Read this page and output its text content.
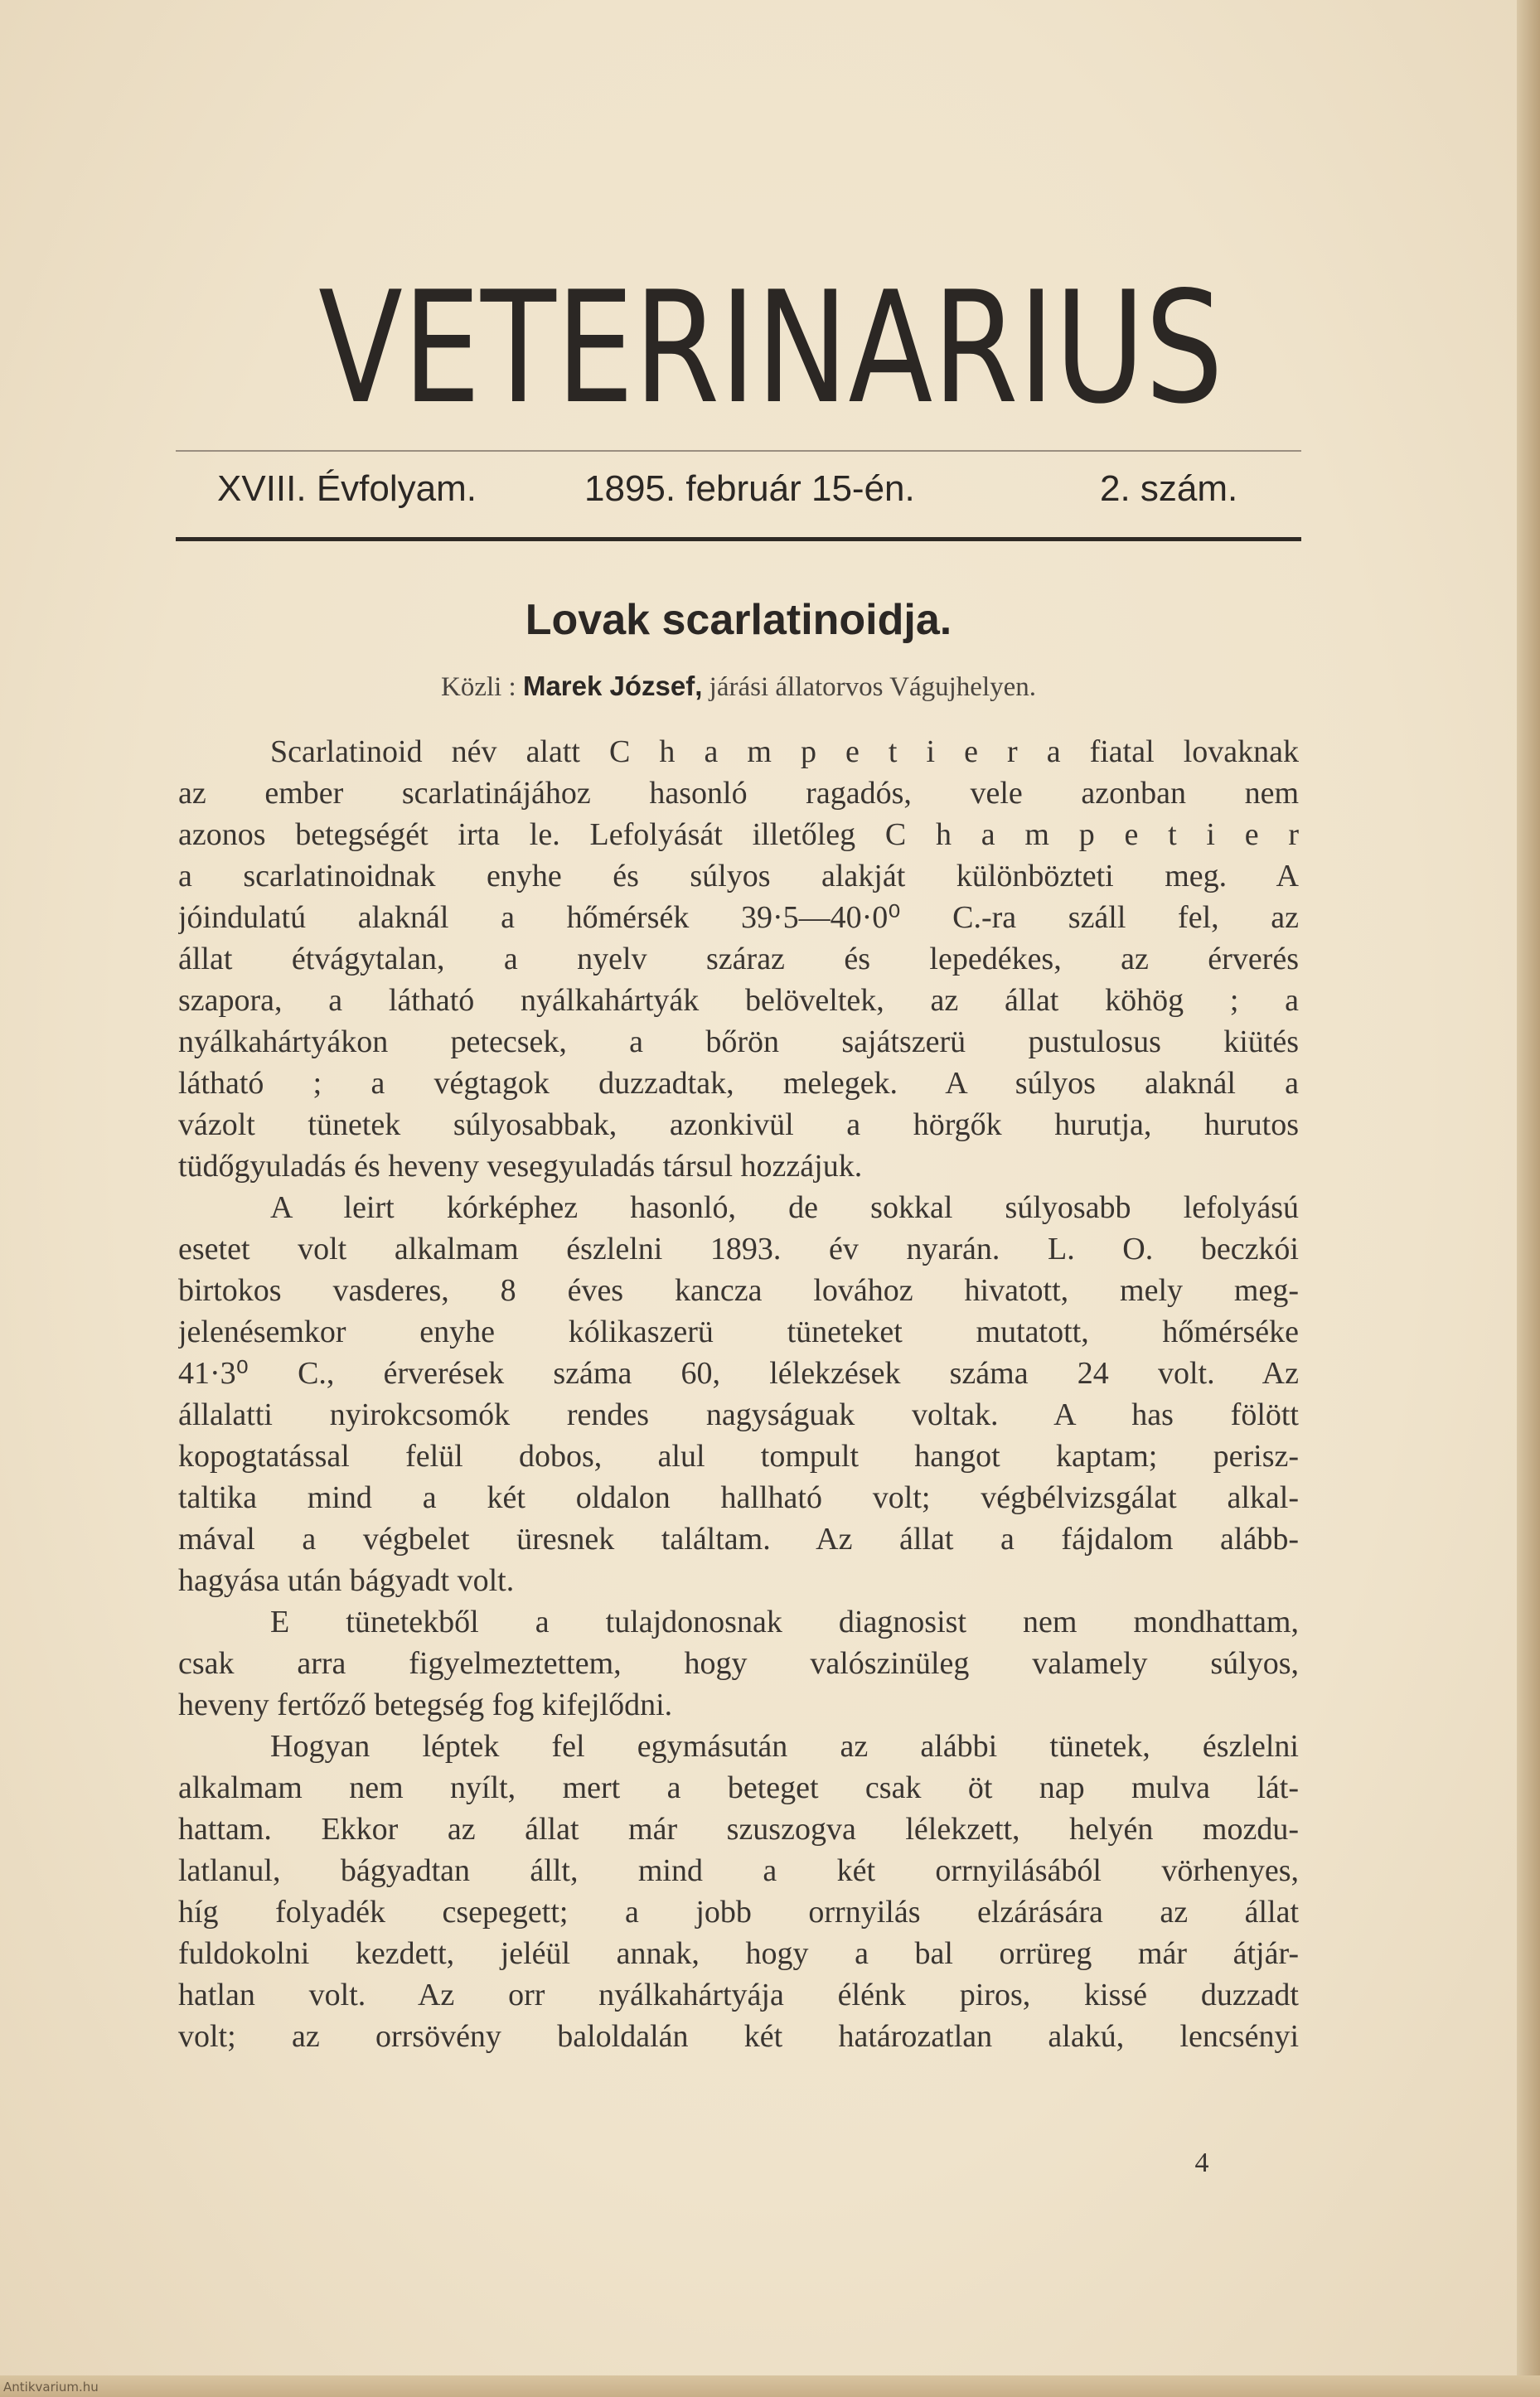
VETERINARIUS
XVIII. Évfolyam.	1895. február 15-én.	2. szám.
Lovak scarlatinoidja.
Közli : Marek József, járási állatorvos Vágujhelyen.
Scarlatinoid név alatt C h a m p e t i e r a fiatal lovaknak
az ember scarlatinájához hasonló ragadós, vele azonban nem
azonos betegségét irta le. Lefolyását illetőleg C h a m p e t i e r
a scarlatinoidnak enyhe és súlyos alakját különbözteti meg. A
jóindulatú alaknál a hőmérsék 39·5—40·0⁰ C.-ra száll fel, az
állat étvágytalan, a nyelv száraz és lepedékes, az érverés
szapora, a látható nyálkahártyák belöveltek, az állat köhög ; a
nyálkahártyákon petecsek, a bőrön sajátszerü pustulosus kiütés
látható ; a végtagok duzzadtak, melegek. A súlyos alaknál a
vázolt tünetek súlyosabbak, azonkivül a hörgők hurutja, hurutos
tüdőgyuladás és heveny vesegyuladás társul hozzájuk.
A leirt kórképhez hasonló, de sokkal súlyosabb lefolyású
esetet volt alkalmam észlelni 1893. év nyarán. L. O. beczkói
birtokos vasderes, 8 éves kancza lovához hivatott, mely meg-
jelenésemkor enyhe kólikaszerü tüneteket mutatott, hőmérséke
41·3⁰ C., érverések száma 60, lélekzések száma 24 volt. Az
állalatti nyirokcsomók rendes nagyságuak voltak. A has fölött
kopogtatással felül dobos, alul tompult hangot kaptam; perisz-
taltika mind a két oldalon hallható volt; végbélvizsgálat alkal-
mával a végbelet üresnek találtam. Az állat a fájdalom alább-
hagyása után bágyadt volt.
E tünetekből a tulajdonosnak diagnosist nem mondhattam,
csak arra figyelmeztettem, hogy valószinüleg valamely súlyos,
heveny fertőző betegség fog kifejlődni.
Hogyan léptek fel egymásután az alábbi tünetek, észlelni
alkalmam nem nyílt, mert a beteget csak öt nap mulva lát-
hattam. Ekkor az állat már szuszogva lélekzett, helyén mozdu-
latlanul, bágyadtan állt, mind a két orrnyilásából vörhenyes,
híg folyadék csepegett; a jobb orrnyilás elzárására az állat
fuldokolni kezdett, jeléül annak, hogy a bal orrüreg már átjár-
hatlan volt. Az orr nyálkahártyája élénk piros, kissé duzzadt
volt; az orrsövény baloldalán két határozatlan alakú, lencsényi
4
Antikvarium.hu
